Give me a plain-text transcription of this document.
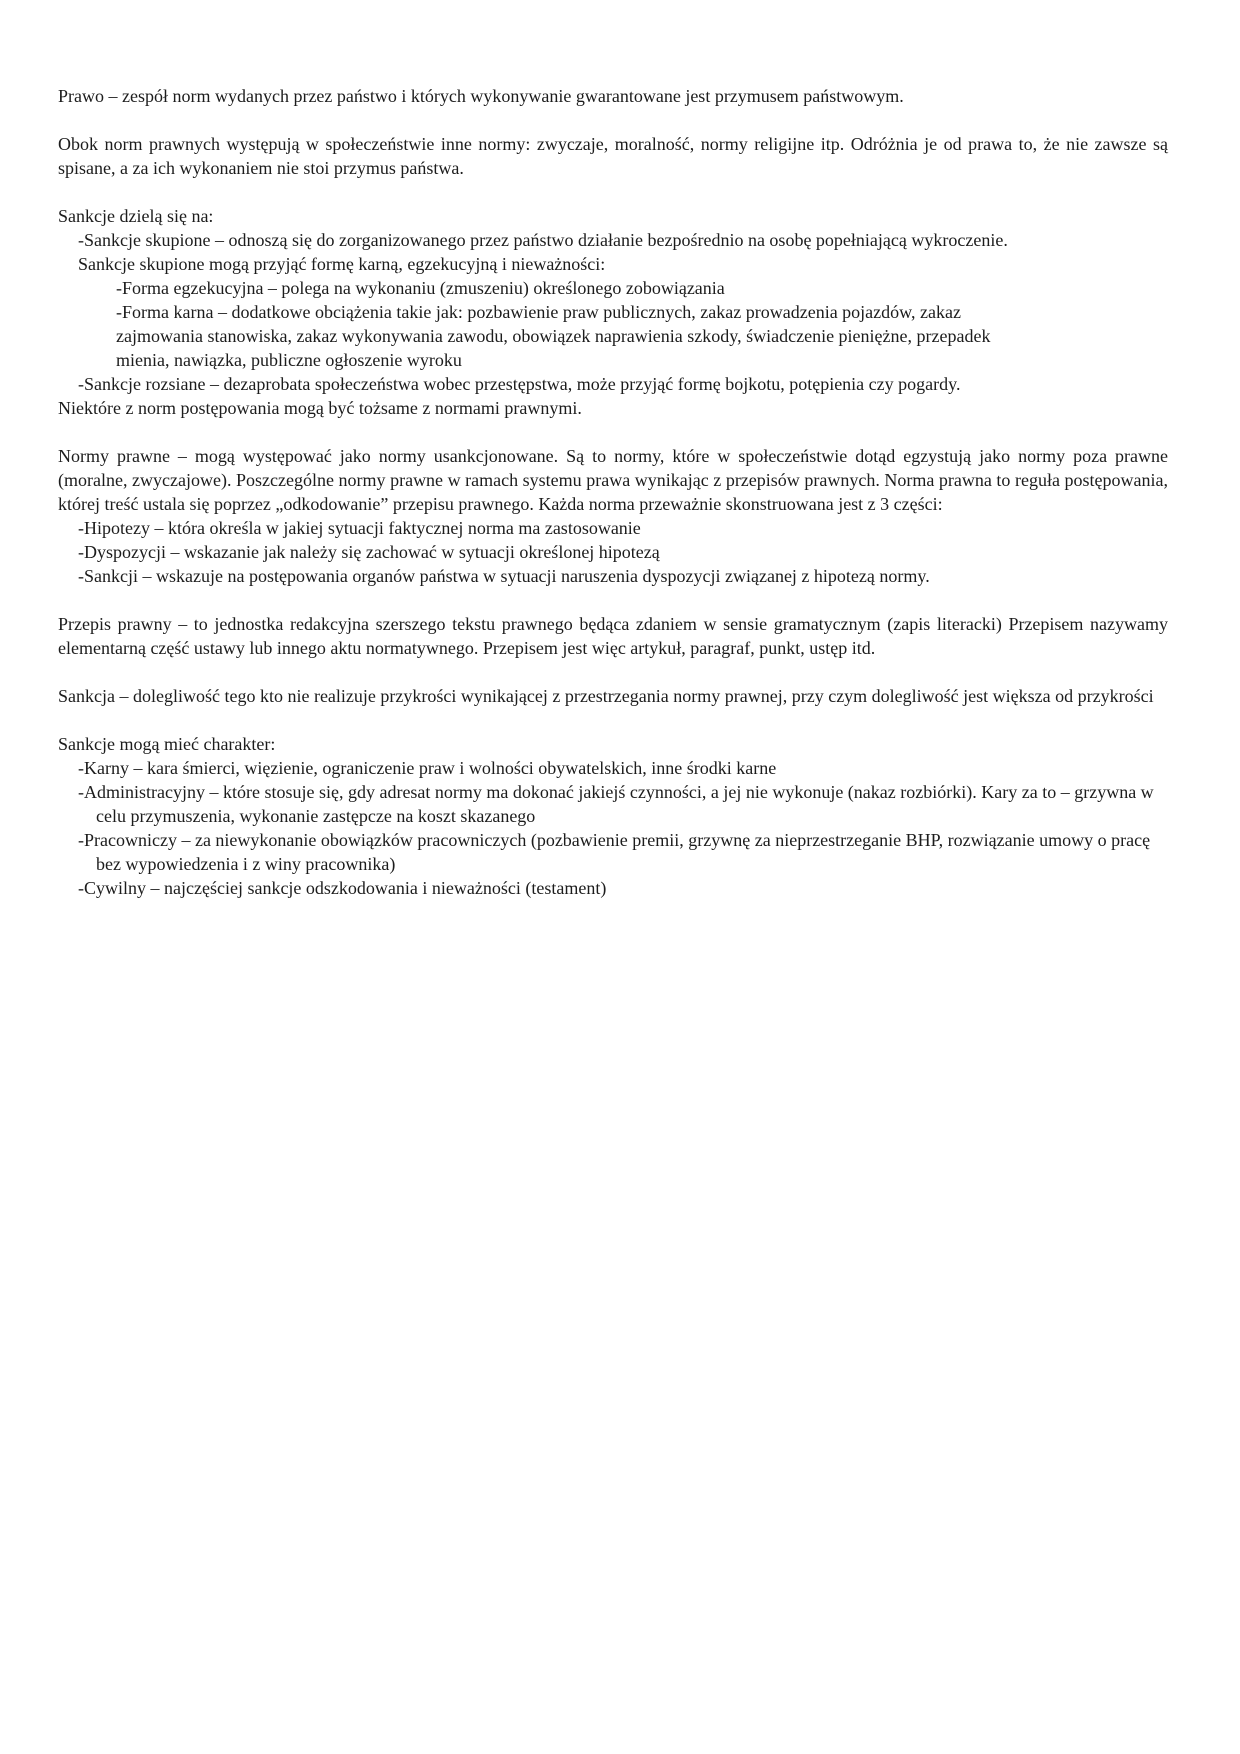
Prawo – zespół norm wydanych przez państwo i których wykonywanie gwarantowane jest przymusem państwowym.

Obok norm prawnych występują w społeczeństwie inne normy: zwyczaje, moralność, normy religijne itp. Odróżnia je od prawa to, że nie zawsze są spisane, a za ich wykonaniem nie stoi przymus państwa.

Sankcje dzielą się na:

-Sankcje skupione – odnoszą się do zorganizowanego przez państwo działanie bezpośrednio na osobę popełniającą wykroczenie.

Sankcje skupione mogą przyjąć formę karną, egzekucyjną i nieważności:

-Forma egzekucyjna – polega na wykonaniu (zmuszeniu) określonego zobowiązania

-Forma karna – dodatkowe obciążenia takie jak: pozbawienie praw publicznych, zakaz prowadzenia pojazdów, zakaz

zajmowania stanowiska, zakaz wykonywania zawodu, obowiązek naprawienia szkody, świadczenie pieniężne, przepadek

mienia, nawiązka, publiczne ogłoszenie wyroku

-Sankcje rozsiane – dezaprobata społeczeństwa wobec przestępstwa, może przyjąć formę bojkotu, potępienia czy pogardy.

Niektóre z norm postępowania mogą być tożsame z normami prawnymi.

Normy prawne – mogą występować jako normy usankcjonowane. Są to normy, które w społeczeństwie dotąd egzystują jako normy poza prawne (moralne, zwyczajowe). Poszczególne normy prawne w ramach systemu prawa wynikając z przepisów prawnych. Norma prawna to reguła postępowania, której treść ustala się poprzez „odkodowanie” przepisu prawnego. Każda norma przeważnie skonstruowana jest z 3 części:

-Hipotezy – która określa w jakiej sytuacji faktycznej norma ma zastosowanie

-Dyspozycji – wskazanie jak należy się zachować w sytuacji określonej hipotezą

-Sankcji – wskazuje na postępowania organów państwa w sytuacji naruszenia dyspozycji związanej z hipotezą normy.

Przepis prawny – to jednostka redakcyjna szerszego tekstu prawnego będąca zdaniem w sensie gramatycznym (zapis literacki) Przepisem nazywamy elementarną część ustawy lub innego aktu normatywnego. Przepisem jest więc artykuł, paragraf, punkt, ustęp itd.

Sankcja – dolegliwość tego kto nie realizuje przykrości wynikającej z przestrzegania normy prawnej, przy czym dolegliwość jest większa od przykrości

Sankcje mogą mieć charakter:

-Karny – kara śmierci, więzienie, ograniczenie praw i wolności obywatelskich, inne środki karne

-Administracyjny – które stosuje się, gdy adresat normy ma dokonać jakiejś czynności, a jej nie wykonuje (nakaz rozbiórki). Kary za to – grzywna w celu przymuszenia, wykonanie zastępcze na koszt skazanego

-Pracowniczy – za niewykonanie obowiązków pracowniczych (pozbawienie premii, grzywnę za nieprzestrzeganie BHP, rozwiązanie umowy o pracę bez wypowiedzenia i z winy pracownika)

-Cywilny – najczęściej sankcje odszkodowania i nieważności (testament)
